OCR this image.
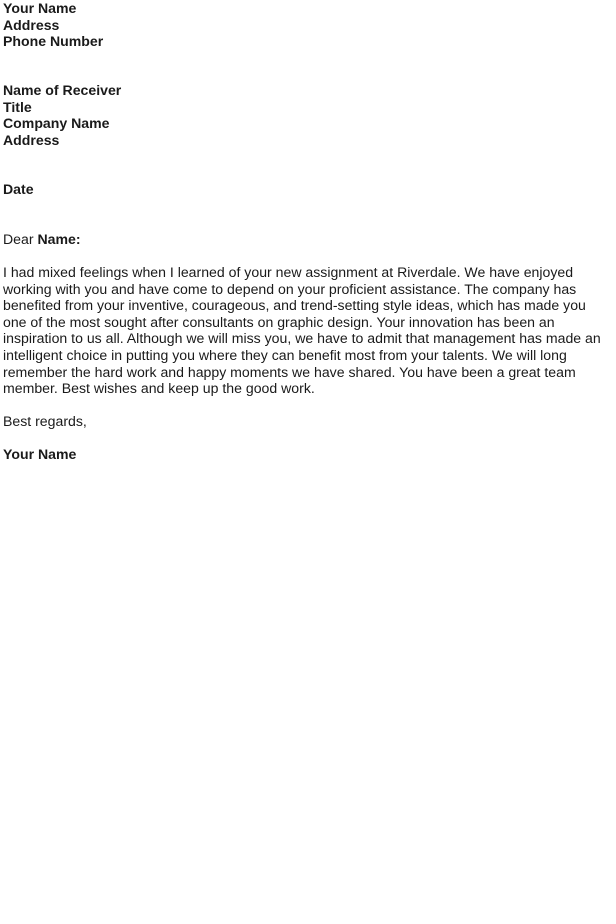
Your Name
Address
Phone Number
Name of Receiver
Title
Company Name
Address
Date
Dear Name:
I had mixed feelings when I learned of your new assignment at Riverdale. We have enjoyed
working with you and have come to depend on your proficient assistance. The company has
benefited from your inventive, courageous, and trend-setting style ideas, which has made you
one of the most sought after consultants on graphic design. Your innovation has been an
inspiration to us all. Although we will miss you, we have to admit that management has made an
intelligent choice in putting you where they can benefit most from your talents. We will long
remember the hard work and happy moments we have shared. You have been a great team
member. Best wishes and keep up the good work.
Best regards,
Your Name
